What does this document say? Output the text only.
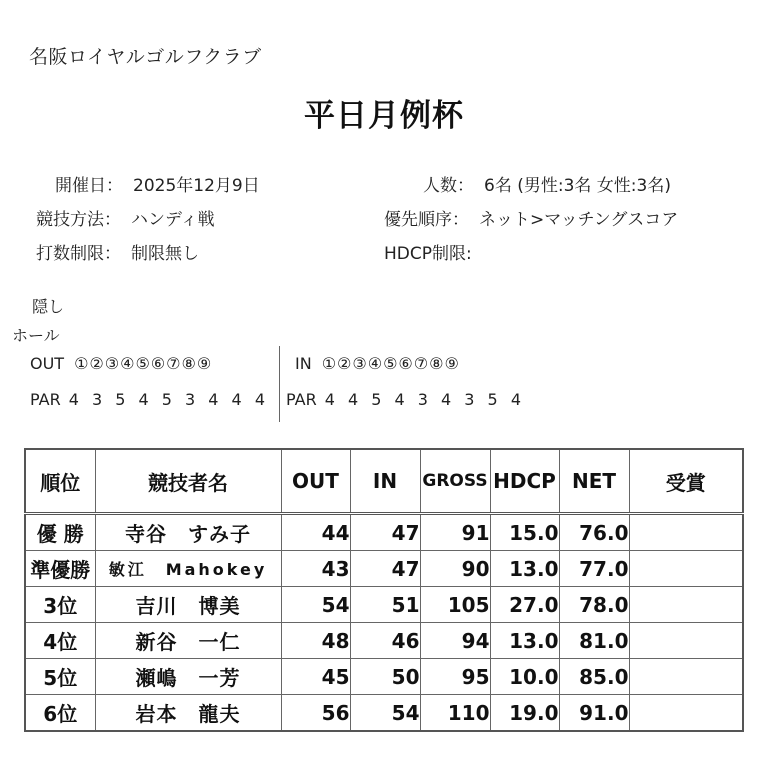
名阪ロイヤルゴルフクラブ
平日月例杯
開催日： 2025年12月9日
競技方法： ハンディ戦
打数制限： 制限無し
人数： 6名 (男性:3名 女性:3名)
優先順序： ネット>マッチングスコア
HDCP制限:
隠し
ホール
OUT ①②③④⑤⑥⑦⑧⑨	IN ①②③④⑤⑥⑦⑧⑨
PAR 4 3 5 4 5 3 4 4 4 PAR 4 4 5 4 3 4 3 5 4
順位	競技者名	OUT	IN	GROSS	HDCP	NET	受賞
優 勝	寺谷　すみ子	44	47	91	15.0	76.0	
準優勝	敏江　Mahokey	43	47	90	13.0	77.0	
3位	吉川　博美	54	51	105	27.0	78.0	
4位	新谷　一仁	48	46	94	13.0	81.0	
5位	瀬嶋　一芳	45	50	95	10.0	85.0	
6位	岩本　龍夫	56	54	110	19.0	91.0	
